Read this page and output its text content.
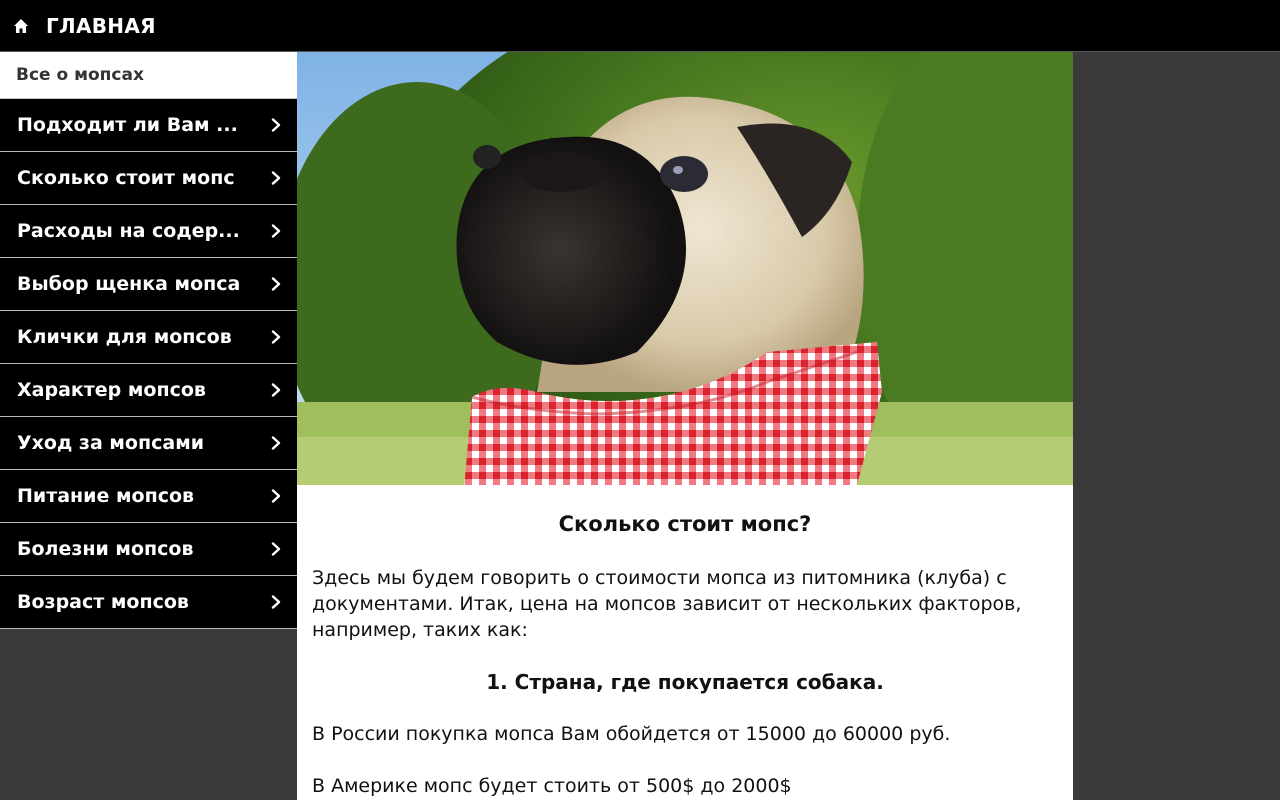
ГЛАВНАЯ
Все о мопсах
Подходит ли Вам ...
Сколько стоит мопс
Расходы на содер...
Выбор щенка мопса
Клички для мопсов
Характер мопсов
Уход за мопсами
Питание мопсов
Болезни мопсов
Возраст мопсов
Сколько стоит мопс?

Здесь мы будем говорить о стоимости мопса из питомника (клуба) с документами. Итак, цена на мопсов зависит от нескольких факторов, например, таких как:

1. Страна, где покупается собака.

В России покупка мопса Вам обойдется от 15000 до 60000 руб.

В Америке мопс будет стоить от 500$ до 2000$
